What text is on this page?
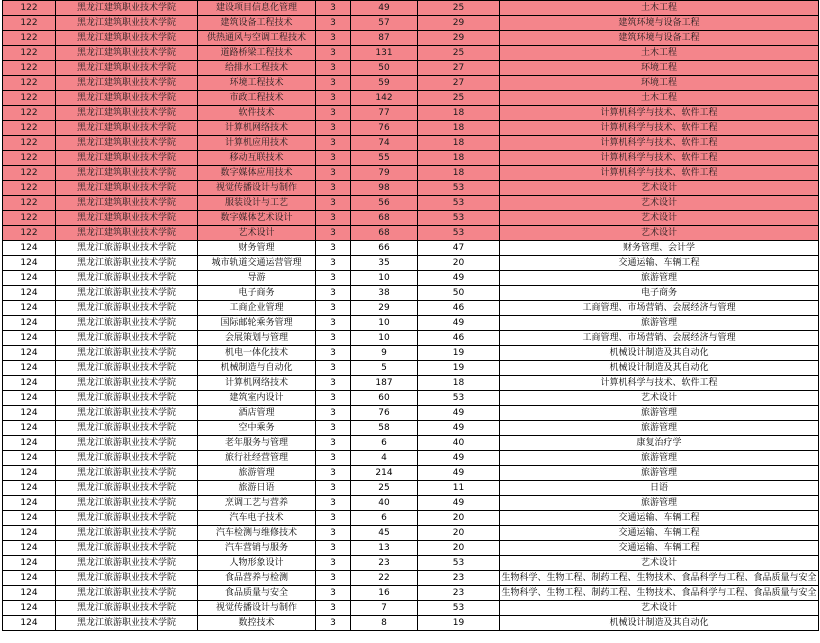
122	黑龙江建筑职业技术学院	建设项目信息化管理	3	49	25	土木工程
122	黑龙江建筑职业技术学院	建筑设备工程技术	3	57	29	建筑环境与设备工程
122	黑龙江建筑职业技术学院	供热通风与空调工程技术	3	87	29	建筑环境与设备工程
122	黑龙江建筑职业技术学院	道路桥梁工程技术	3	131	25	土木工程
122	黑龙江建筑职业技术学院	给排水工程技术	3	50	27	环境工程
122	黑龙江建筑职业技术学院	环境工程技术	3	59	27	环境工程
122	黑龙江建筑职业技术学院	市政工程技术	3	142	25	土木工程
122	黑龙江建筑职业技术学院	软件技术	3	77	18	计算机科学与技术、软件工程
122	黑龙江建筑职业技术学院	计算机网络技术	3	76	18	计算机科学与技术、软件工程
122	黑龙江建筑职业技术学院	计算机应用技术	3	74	18	计算机科学与技术、软件工程
122	黑龙江建筑职业技术学院	移动互联技术	3	55	18	计算机科学与技术、软件工程
122	黑龙江建筑职业技术学院	数字媒体应用技术	3	79	18	计算机科学与技术、软件工程
122	黑龙江建筑职业技术学院	视觉传播设计与制作	3	98	53	艺术设计
122	黑龙江建筑职业技术学院	服装设计与工艺	3	56	53	艺术设计
122	黑龙江建筑职业技术学院	数字媒体艺术设计	3	68	53	艺术设计
122	黑龙江建筑职业技术学院	艺术设计	3	68	53	艺术设计
124	黑龙江旅游职业技术学院	财务管理	3	66	47	财务管理、会计学
124	黑龙江旅游职业技术学院	城市轨道交通运营管理	3	35	20	交通运输、车辆工程
124	黑龙江旅游职业技术学院	导游	3	10	49	旅游管理
124	黑龙江旅游职业技术学院	电子商务	3	38	50	电子商务
124	黑龙江旅游职业技术学院	工商企业管理	3	29	46	工商管理、市场营销、会展经济与管理
124	黑龙江旅游职业技术学院	国际邮轮乘务管理	3	10	49	旅游管理
124	黑龙江旅游职业技术学院	会展策划与管理	3	10	46	工商管理、市场营销、会展经济与管理
124	黑龙江旅游职业技术学院	机电一体化技术	3	9	19	机械设计制造及其自动化
124	黑龙江旅游职业技术学院	机械制造与自动化	3	5	19	机械设计制造及其自动化
124	黑龙江旅游职业技术学院	计算机网络技术	3	187	18	计算机科学与技术、软件工程
124	黑龙江旅游职业技术学院	建筑室内设计	3	60	53	艺术设计
124	黑龙江旅游职业技术学院	酒店管理	3	76	49	旅游管理
124	黑龙江旅游职业技术学院	空中乘务	3	58	49	旅游管理
124	黑龙江旅游职业技术学院	老年服务与管理	3	6	40	康复治疗学
124	黑龙江旅游职业技术学院	旅行社经营管理	3	4	49	旅游管理
124	黑龙江旅游职业技术学院	旅游管理	3	214	49	旅游管理
124	黑龙江旅游职业技术学院	旅游日语	3	25	11	日语
124	黑龙江旅游职业技术学院	烹调工艺与营养	3	40	49	旅游管理
124	黑龙江旅游职业技术学院	汽车电子技术	3	6	20	交通运输、车辆工程
124	黑龙江旅游职业技术学院	汽车检测与维修技术	3	45	20	交通运输、车辆工程
124	黑龙江旅游职业技术学院	汽车营销与服务	3	13	20	交通运输、车辆工程
124	黑龙江旅游职业技术学院	人物形象设计	3	23	53	艺术设计
124	黑龙江旅游职业技术学院	食品营养与检测	3	22	23	生物科学、生物工程、制药工程、生物技术、食品科学与工程、食品质量与安全
124	黑龙江旅游职业技术学院	食品质量与安全	3	16	23	生物科学、生物工程、制药工程、生物技术、食品科学与工程、食品质量与安全
124	黑龙江旅游职业技术学院	视觉传播设计与制作	3	7	53	艺术设计
124	黑龙江旅游职业技术学院	数控技术	3	8	19	机械设计制造及其自动化
